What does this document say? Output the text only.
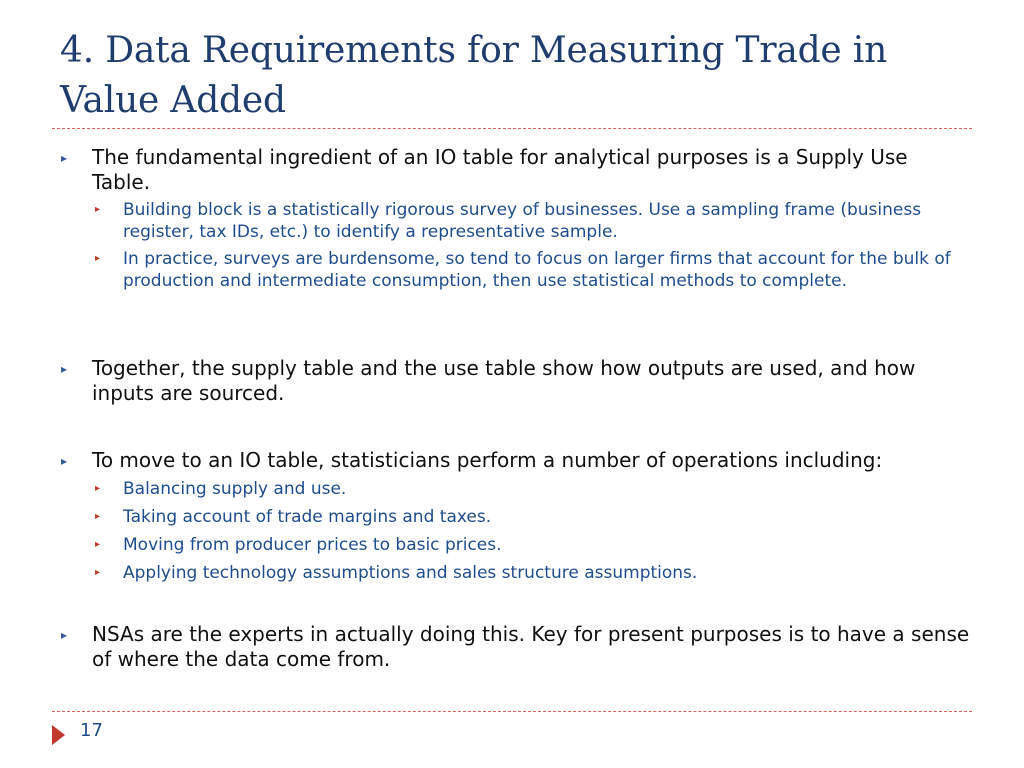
4. Data Requirements for Measuring Trade in Value Added
▸ The fundamental ingredient of an IO table for analytical purposes is a Supply Use Table.
▸ Building block is a statistically rigorous survey of businesses. Use a sampling frame (business register, tax IDs, etc.) to identify a representative sample.
▸ In practice, surveys are burdensome, so tend to focus on larger firms that account for the bulk of production and intermediate consumption, then use statistical methods to complete.
▸ Together, the supply table and the use table show how outputs are used, and how inputs are sourced.
▸ To move to an IO table, statisticians perform a number of operations including:
▸ Balancing supply and use.
▸ Taking account of trade margins and taxes.
▸ Moving from producer prices to basic prices.
▸ Applying technology assumptions and sales structure assumptions.
▸ NSAs are the experts in actually doing this. Key for present purposes is to have a sense of where the data come from.
17
